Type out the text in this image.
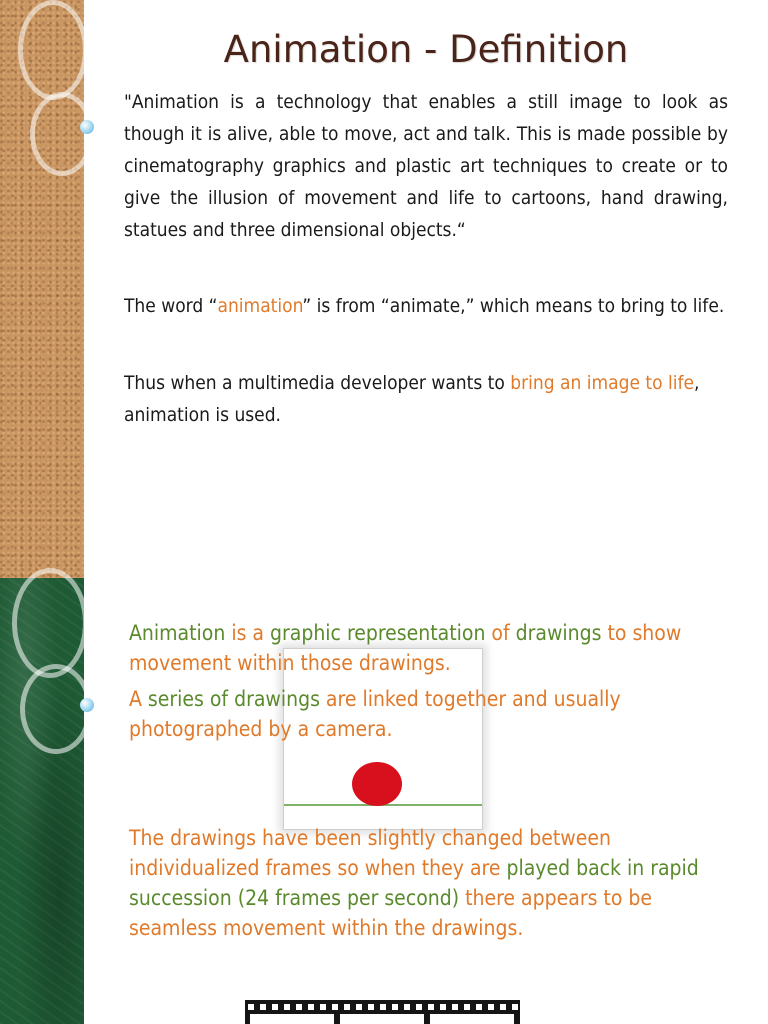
Animation - Definition

"Animation is a technology that enables a still image to look as though it is alive, able to move, act and talk. This is made possible by cinematography graphics and plastic art techniques to create or to give the illusion of movement and life to cartoons, hand drawing, statues and three dimensional objects.“

The word “animation” is from “animate,” which means to bring to life.

Thus when a multimedia developer wants to bring an image to life, animation is used.

Animation is a graphic representation of drawings to show movement within those drawings.

A series of drawings are linked together and usually photographed by a camera.

The drawings have been slightly changed between individualized frames so when they are played back in rapid succession (24 frames per second) there appears to be seamless movement within the drawings.
